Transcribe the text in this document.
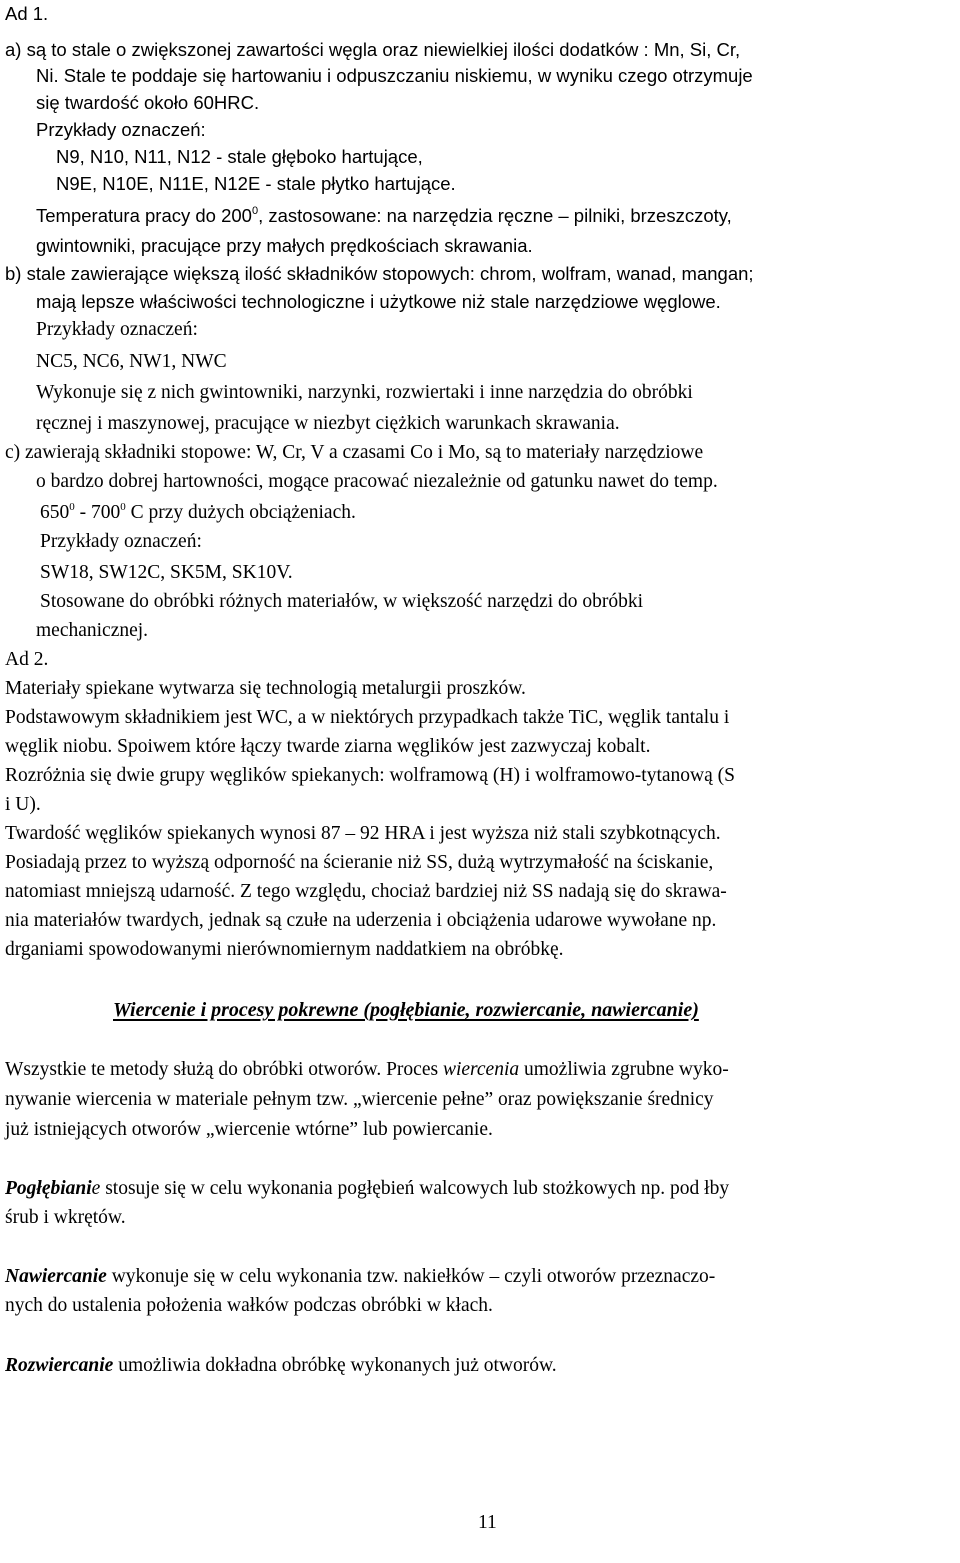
Ad 1.
a) są to stale o zwiększonej zawartości węgla oraz niewielkiej ilości dodatków : Mn, Si, Cr,
Ni. Stale te poddaje się hartowaniu i odpuszczaniu niskiemu, w wyniku czego otrzymuje
się twardość około 60HRC.
Przykłady oznaczeń:
N9, N10, N11, N12 - stale głęboko hartujące,
N9E, N10E, N11E, N12E - stale płytko hartujące.
Temperatura pracy do $200^0$, zastosowane: na narzędzia ręczne – pilniki, brzeszczoty,
gwintowniki, pracujące przy małych prędkościach skrawania.
b) stale zawierające większą ilość składników stopowych: chrom, wolfram, wanad, mangan;
mają lepsze właściwości technologiczne i użytkowe niż stale narzędziowe węglowe.
Przykłady oznaczeń:
NC5, NC6, NW1, NWC
Wykonuje się z nich gwintowniki, narzynki, rozwiertaki i inne narzędzia do obróbki
ręcznej i maszynowej, pracujące w niezbyt ciężkich warunkach skrawania.
c) zawierają składniki stopowe: W, Cr, V a czasami Co i Mo, są to materiały narzędziowe
o bardzo dobrej hartowności, mogące pracować niezależnie od gatunku nawet do temp.
$650^0 - 700^0$ C przy dużych obciążeniach.
Przykłady oznaczeń:
SW18, SW12C, SK5M, SK10V.
Stosowane do obróbki różnych materiałów, w większość narzędzi do obróbki
mechanicznej.
Ad 2.
Materiały spiekane wytwarza się technologią metalurgii proszków.
Podstawowym składnikiem jest WC, a w niektórych przypadkach także TiC, węglik tantalu i
węglik niobu. Spoiwem które łączy twarde ziarna węglików jest zazwyczaj kobalt.
Rozróżnia się dwie grupy węglików spiekanych: wolframową (H) i wolframowo-tytanową (S
i U).
Twardość węglików spiekanych wynosi 87 – 92 HRA i jest wyższa niż stali szybkotnących.
Posiadają przez to wyższą odporność na ścieranie niż SS, dużą wytrzymałość na ściskanie,
natomiast mniejszą udarność. Z tego względu, chociaż bardziej niż SS nadają się do skrawa-
nia materiałów twardych, jednak są czułe na uderzenia i obciążenia udarowe wywołane np.
drganiami spowodowanymi nierównomiernym naddatkiem na obróbkę.
Wiercenie i procesy pokrewne (pogłębianie, rozwiercanie, nawiercanie)
Wszystkie te metody służą do obróbki otworów. Proces wiercenia umożliwia zgrubne wyko-
nywanie wiercenia w materiale pełnym tzw. „wiercenie pełne” oraz powiększanie średnicy
już istniejących otworów „wiercenie wtórne” lub powiercanie.
Pogłębianie stosuje się w celu wykonania pogłębień walcowych lub stożkowych np. pod łby
śrub i wkrętów.
Nawiercanie wykonuje się w celu wykonania tzw. nakiełków – czyli otworów przeznaczo-
nych do ustalenia położenia wałków podczas obróbki w kłach.
Rozwiercanie umożliwia dokładna obróbkę wykonanych już otworów.
11
